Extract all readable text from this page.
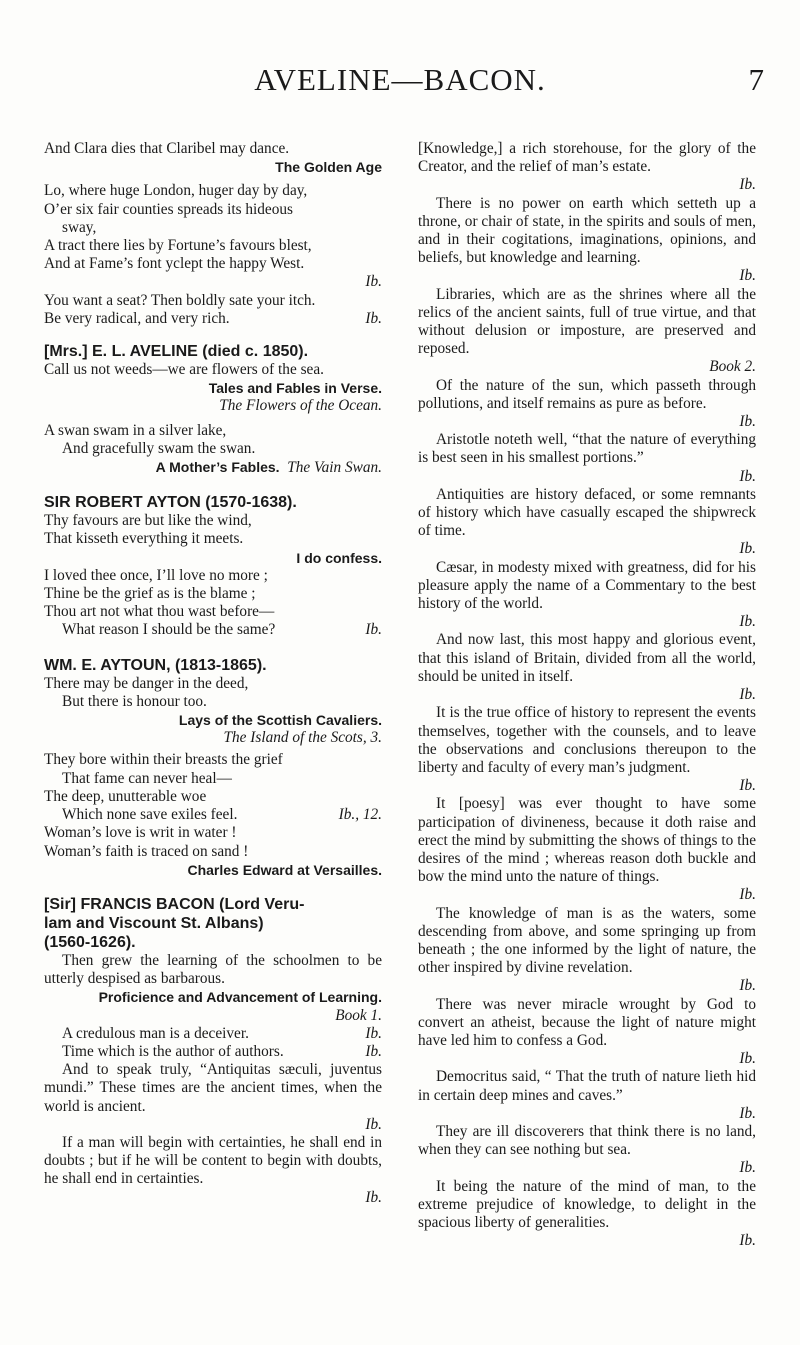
AVELINE—BACON.	7
And Clara dies that Claribel may dance.
The Golden Age
Lo, where huge London, huger day by day,
O’er six fair counties spreads its hideous
sway,
A tract there lies by Fortune’s favours blest,
And at Fame’s font yclept the happy West.
Ib.
You want a seat? Then boldly sate your itch.
Be very radical, and very rich.	Ib.
[Mrs.] E. L. AVELINE (died c. 1850).
Call us not weeds—we are flowers of the sea.
Tales and Fables in Verse.
The Flowers of the Ocean.
A swan swam in a silver lake,
And gracefully swam the swan.
A Mother’s Fables. The Vain Swan.
SIR ROBERT AYTON (1570-1638).
Thy favours are but like the wind,
That kisseth everything it meets.
I do confess.
I loved thee once, I’ll love no more ;
Thine be the grief as is the blame ;
Thou art not what thou wast before—
What reason I should be the same?	Ib.
WM. E. AYTOUN, (1813-1865).
There may be danger in the deed,
But there is honour too.
Lays of the Scottish Cavaliers.
The Island of the Scots, 3.
They bore within their breasts the grief
That fame can never heal—
The deep, unutterable woe
Which none save exiles feel.	Ib., 12.
Woman’s love is writ in water !
Woman’s faith is traced on sand !
Charles Edward at Versailles.
[Sir] FRANCIS BACON (Lord Veru-
lam and Viscount St. Albans)
(1560-1626).

Then grew the learning of the schoolmen to be utterly despised as barbarous.

Proficience and Advancement of Learning.
Book 1.

A credulous man is a deceiver.	Ib.

Time which is the author of authors.	Ib.

And to speak truly, “Antiquitas sæculi, juventus mundi.” These times are the ancient times, when the world is ancient.

Ib.

If a man will begin with certainties, he shall end in doubts ; but if he will be content to begin with doubts, he shall end in certainties.

Ib.

[Knowledge,] a rich storehouse, for the glory of the Creator, and the relief of man’s estate.

Ib.

There is no power on earth which setteth up a throne, or chair of state, in the spirits and souls of men, and in their cogitations, imaginations, opinions, and beliefs, but knowledge and learning.

Ib.

Libraries, which are as the shrines where all the relics of the ancient saints, full of true virtue, and that without delusion or imposture, are preserved and reposed.

Book 2.

Of the nature of the sun, which passeth through pollutions, and itself remains as pure as before.

Ib.

Aristotle noteth well, “that the nature of everything is best seen in his smallest portions.”

Ib.

Antiquities are history defaced, or some remnants of history which have casually escaped the shipwreck of time.

Ib.

Cæsar, in modesty mixed with greatness, did for his pleasure apply the name of a Commentary to the best history of the world.

Ib.

And now last, this most happy and glorious event, that this island of Britain, divided from all the world, should be united in itself.

Ib.

It is the true office of history to represent the events themselves, together with the counsels, and to leave the observations and conclusions thereupon to the liberty and faculty of every man’s judgment.

Ib.

It [poesy] was ever thought to have some participation of divineness, because it doth raise and erect the mind by submitting the shows of things to the desires of the mind ; whereas reason doth buckle and bow the mind unto the nature of things.

Ib.

The knowledge of man is as the waters, some descending from above, and some springing up from beneath ; the one informed by the light of nature, the other inspired by divine revelation.

Ib.

There was never miracle wrought by God to convert an atheist, because the light of nature might have led him to confess a God.

Ib.

Democritus said, “ That the truth of nature lieth hid in certain deep mines and caves.”

Ib.

They are ill discoverers that think there is no land, when they can see nothing but sea.

Ib.

It being the nature of the mind of man, to the extreme prejudice of knowledge, to delight in the spacious liberty of generalities.

Ib.
